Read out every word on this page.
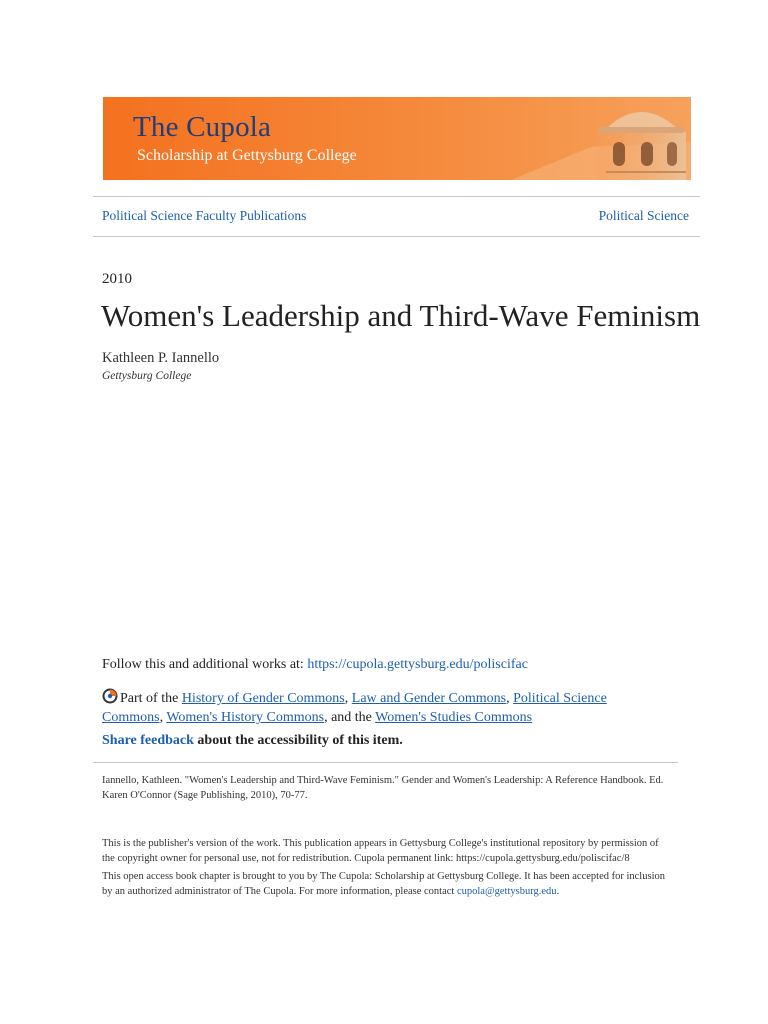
The Cupola
Scholarship at Gettysburg College
Political Science Faculty Publications	Political Science
2010
Women's Leadership and Third-Wave Feminism
Kathleen P. Iannello
Gettysburg College
Follow this and additional works at: https://cupola.gettysburg.edu/poliscifac
Part of the History of Gender Commons, Law and Gender Commons, Political Science Commons, Women's History Commons, and the Women's Studies Commons
Share feedback about the accessibility of this item.
Iannello, Kathleen. "Women's Leadership and Third-Wave Feminism." Gender and Women's Leadership: A Reference Handbook. Ed. Karen O'Connor (Sage Publishing, 2010), 70-77.
This is the publisher's version of the work. This publication appears in Gettysburg College's institutional repository by permission of the copyright owner for personal use, not for redistribution. Cupola permanent link: https://cupola.gettysburg.edu/poliscifac/8
This open access book chapter is brought to you by The Cupola: Scholarship at Gettysburg College. It has been accepted for inclusion by an authorized administrator of The Cupola. For more information, please contact cupola@gettysburg.edu.
